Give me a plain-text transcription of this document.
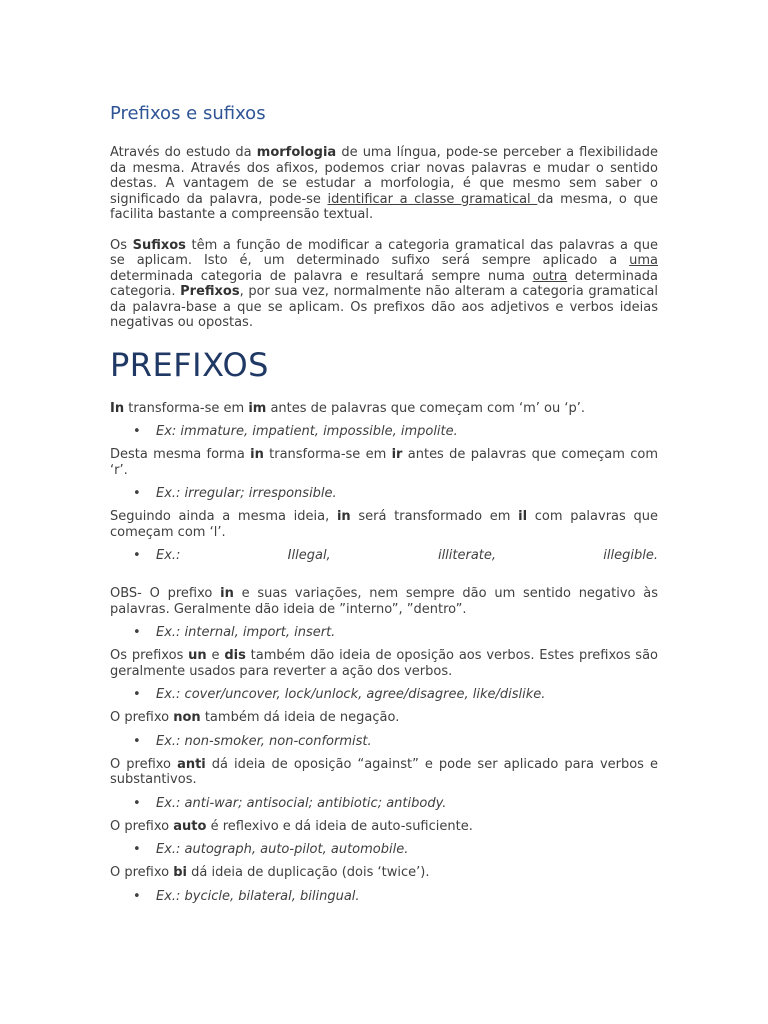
Prefixos e sufixos

Através do estudo da morfologia de uma língua, pode-se perceber a flexibilidade da mesma. Através dos afixos, podemos criar novas palavras e mudar o sentido destas. A vantagem de se estudar a morfologia, é que mesmo sem saber o significado da palavra, pode-se identificar a classe gramatical da mesma, o que facilita bastante a compreensão textual.

Os Sufixos têm a função de modificar a categoria gramatical das palavras a que se aplicam. Isto é, um determinado sufixo será sempre aplicado a uma determinada categoria de palavra e resultará sempre numa outra determinada categoria. Prefixos, por sua vez, normalmente não alteram a categoria gramatical da palavra-base a que se aplicam. Os prefixos dão aos adjetivos e verbos ideias negativas ou opostas.

PREFIXOS

In transforma-se em im antes de palavras que começam com ‘m’ ou ‘p’.

• Ex: immature, impatient, impossible, impolite.

Desta mesma forma in transforma-se em ir antes de palavras que começam com ‘r’.

• Ex.: irregular; irresponsible.

Seguindo ainda a mesma ideia, in será transformado em il com palavras que começam com ‘l’.

• Ex.:	Illegal,	illiterate,	illegible.

OBS- O prefixo in e suas variações, nem sempre dão um sentido negativo às palavras. Geralmente dão ideia de ”interno”, ”dentro”.

• Ex.: internal, import, insert.

Os prefixos un e dis também dão ideia de oposição aos verbos. Estes prefixos são geralmente usados para reverter a ação dos verbos.

• Ex.: cover/uncover, lock/unlock, agree/disagree, like/dislike.

O prefixo non também dá ideia de negação.

• Ex.: non-smoker, non-conformist.

O prefixo anti dá ideia de oposição “against” e pode ser aplicado para verbos e substantivos.

• Ex.: anti-war; antisocial; antibiotic; antibody.

O prefixo auto é reflexivo e dá ideia de auto-suficiente.

• Ex.: autograph, auto-pilot, automobile.

O prefixo bi dá ideia de duplicação (dois ‘twice’).

• Ex.: bycicle, bilateral, bilingual.
